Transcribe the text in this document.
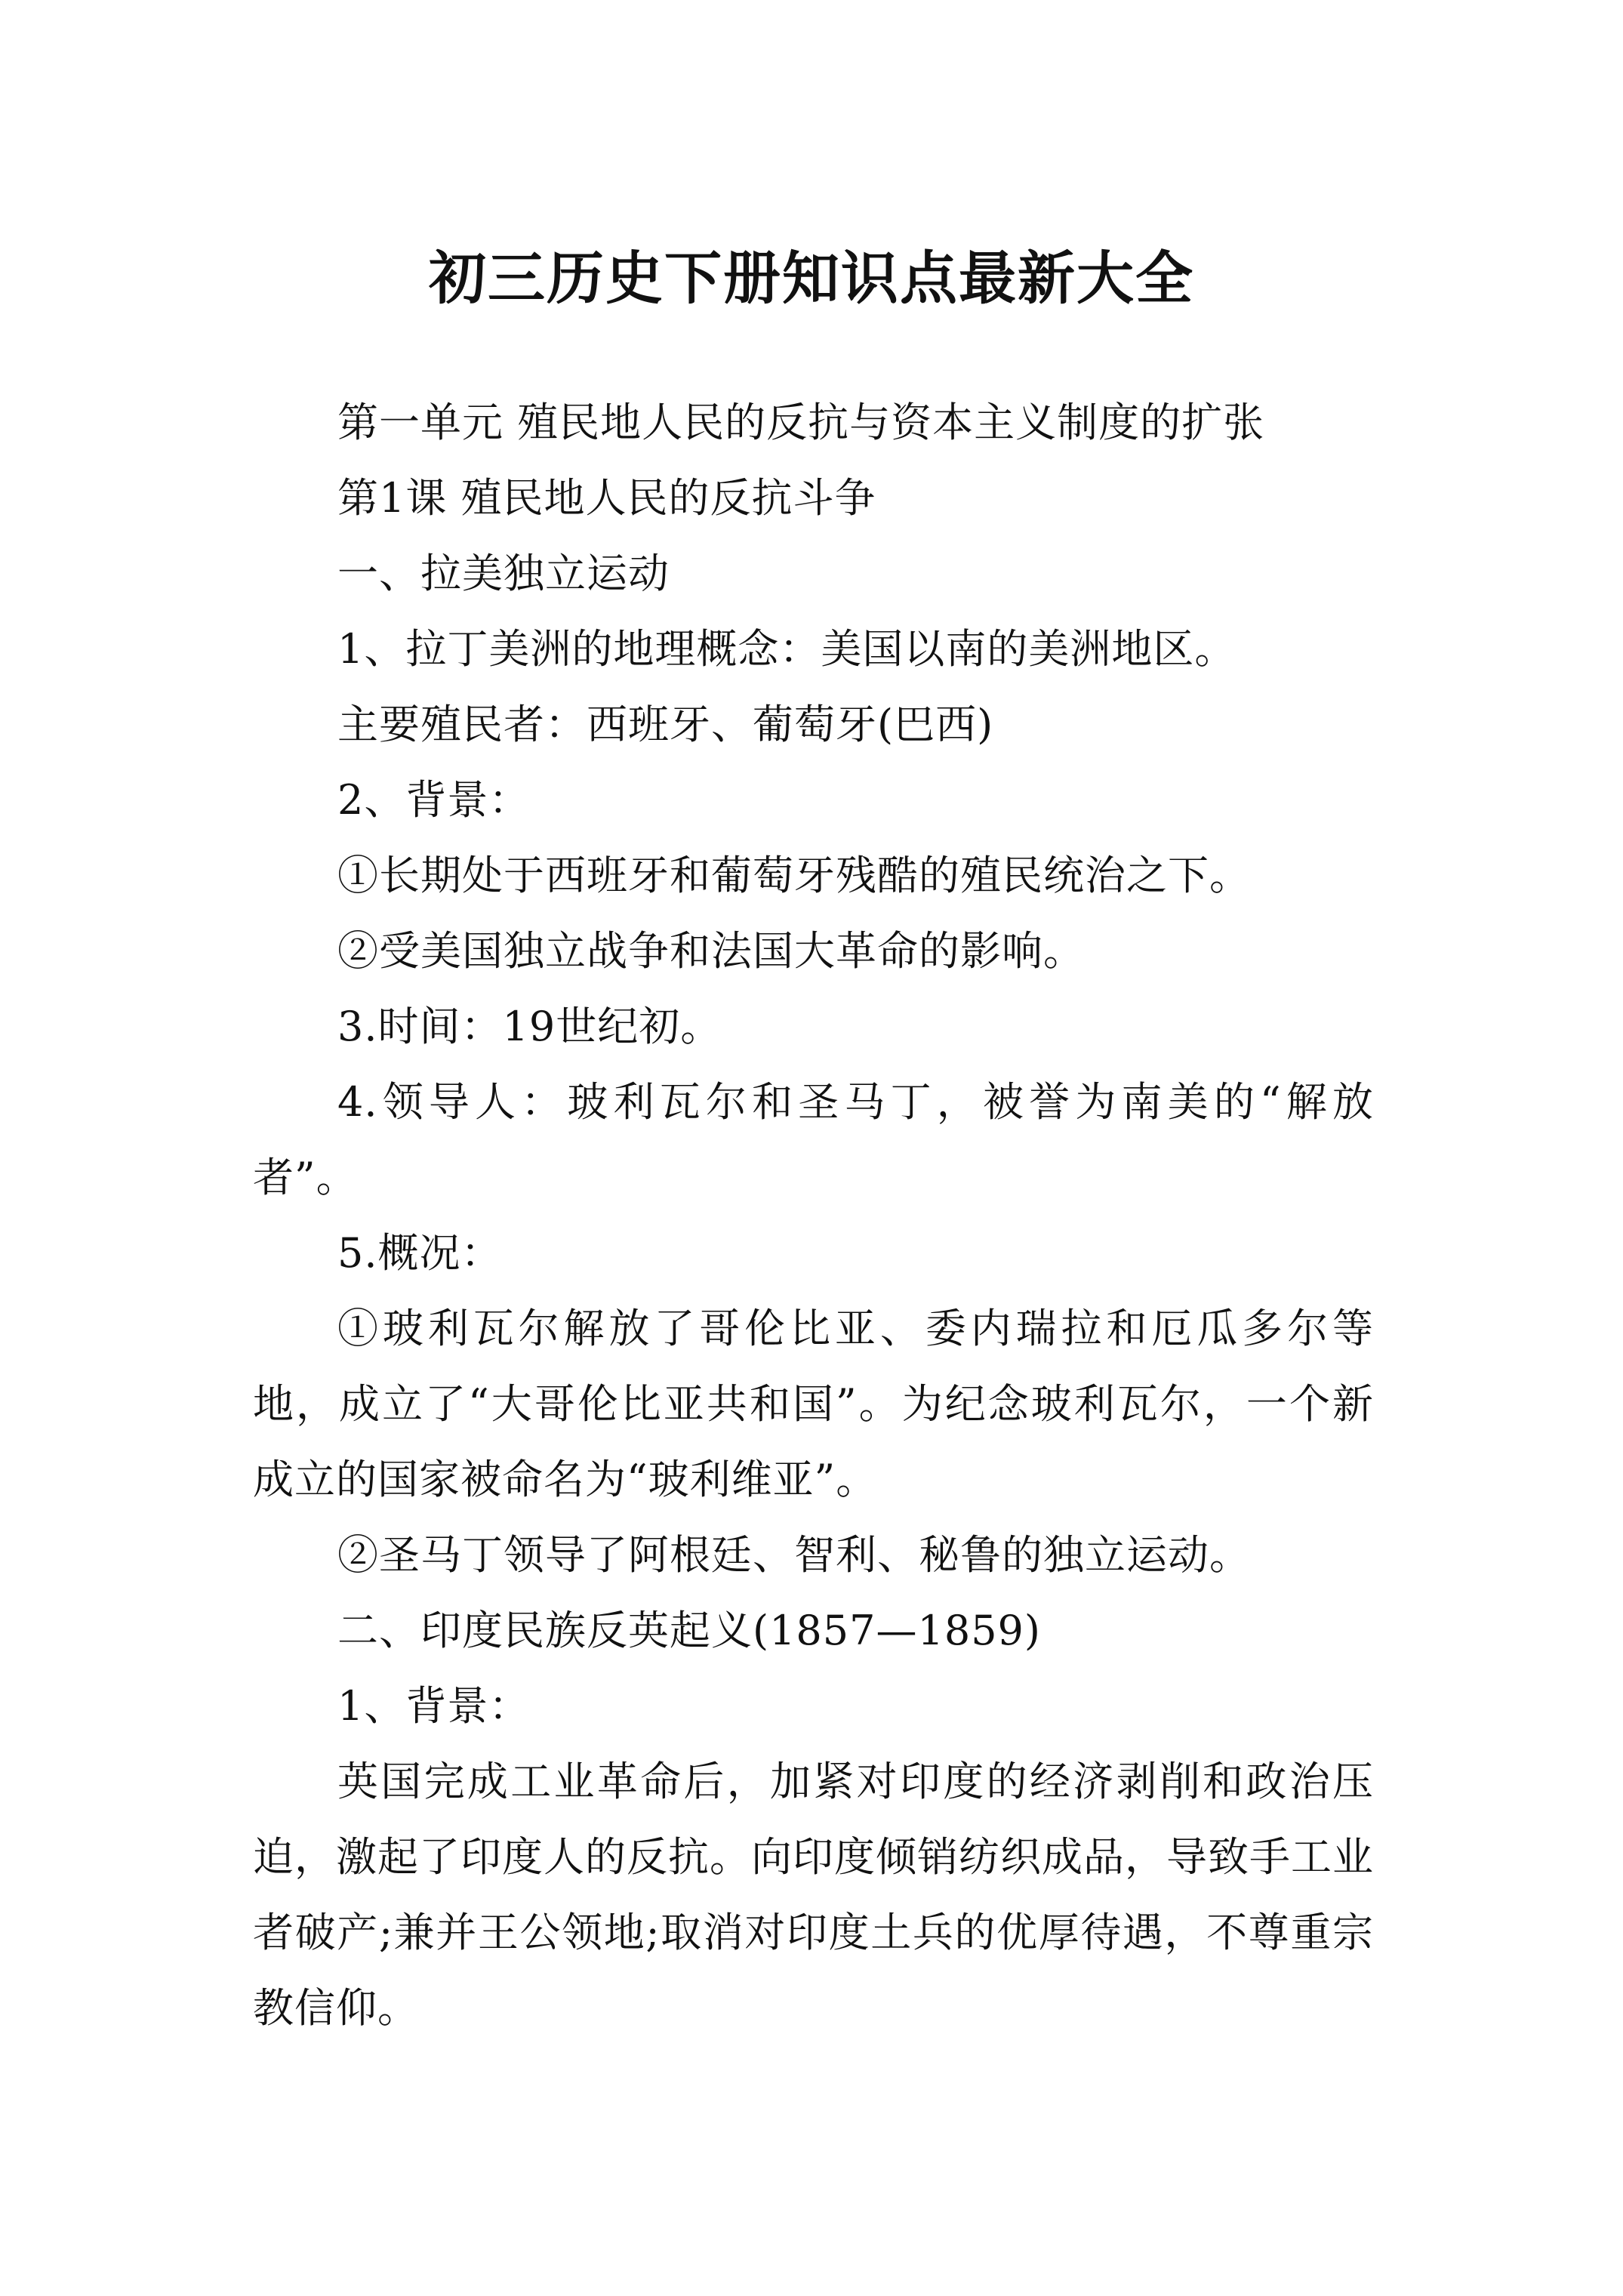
初三历史下册知识点最新大全

第一单元 殖民地人民的反抗与资本主义制度的扩张

第1课 殖民地人民的反抗斗争

一、拉美独立运动

1、拉丁美洲的地理概念：美国以南的美洲地区。

主要殖民者：西班牙、葡萄牙(巴西)

2、背景：

①长期处于西班牙和葡萄牙残酷的殖民统治之下。

②受美国独立战争和法国大革命的影响。

3.时间：19世纪初。

4.领导人：玻利瓦尔和圣马丁，被誉为南美的“解放者”。

5.概况：

①玻利瓦尔解放了哥伦比亚、委内瑞拉和厄瓜多尔等地，成立了“大哥伦比亚共和国”。为纪念玻利瓦尔，一个新成立的国家被命名为“玻利维亚”。

②圣马丁领导了阿根廷、智利、秘鲁的独立运动。

二、印度民族反英起义(1857—1859)

1、背景：

英国完成工业革命后，加紧对印度的经济剥削和政治压迫，激起了印度人的反抗。向印度倾销纺织成品，导致手工业者破产;兼并王公领地;取消对印度土兵的优厚待遇，不尊重宗教信仰。
